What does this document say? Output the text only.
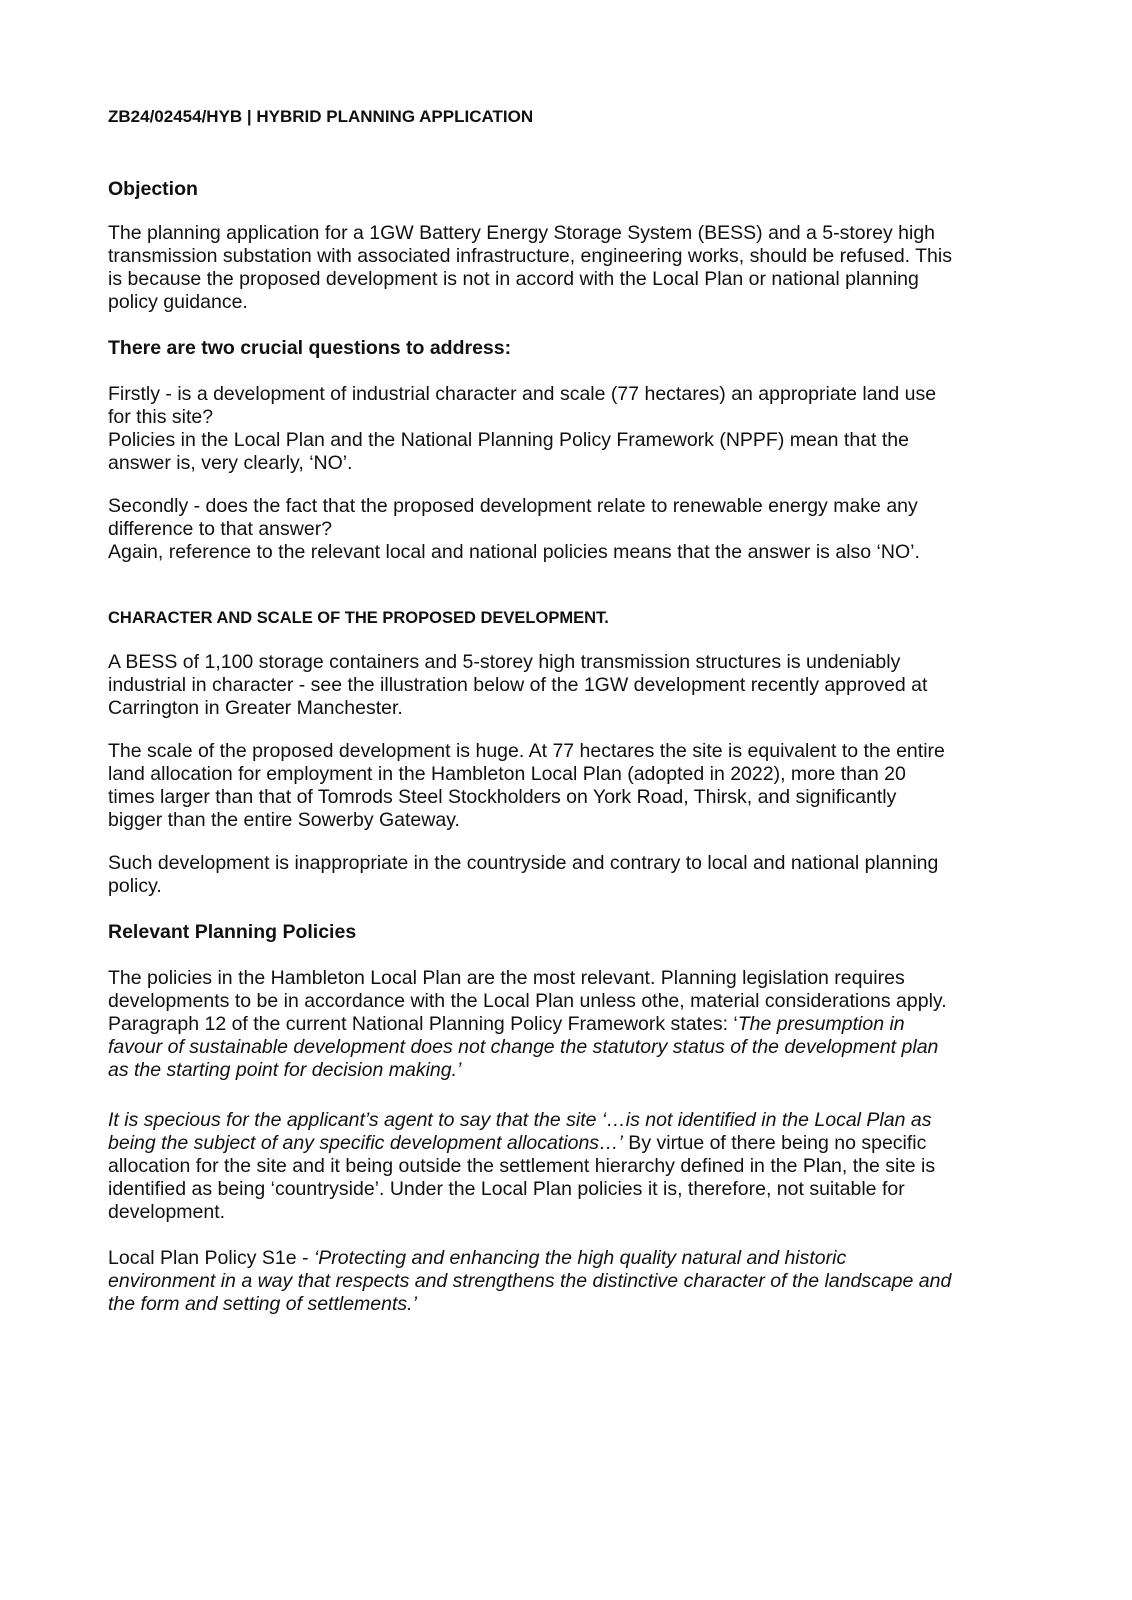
ZB24/02454/HYB | HYBRID PLANNING APPLICATION

Objection

The planning application for a 1GW Battery Energy Storage System (BESS) and a 5-storey high
transmission substation with associated infrastructure, engineering works, should be refused. This
is because the proposed development is not in accord with the Local Plan or national planning
policy guidance.

There are two crucial questions to address:

Firstly - is a development of industrial character and scale (77 hectares) an appropriate land use
for this site?
Policies in the Local Plan and the National Planning Policy Framework (NPPF) mean that the
answer is, very clearly, ‘NO’.

Secondly - does the fact that the proposed development relate to renewable energy make any
difference to that answer?
Again, reference to the relevant local and national policies means that the answer is also ‘NO’.

CHARACTER AND SCALE OF THE PROPOSED DEVELOPMENT.

A BESS of 1,100 storage containers and 5-storey high transmission structures is undeniably
industrial in character - see the illustration below of the 1GW development recently approved at
Carrington in Greater Manchester.

The scale of the proposed development is huge. At 77 hectares the site is equivalent to the entire
land allocation for employment in the Hambleton Local Plan (adopted in 2022), more than 20
times larger than that of Tomrods Steel Stockholders on York Road, Thirsk, and significantly
bigger than the entire Sowerby Gateway.

Such development is inappropriate in the countryside and contrary to local and national planning
policy.

Relevant Planning Policies

The policies in the Hambleton Local Plan are the most relevant. Planning legislation requires
developments to be in accordance with the Local Plan unless othe, material considerations apply.
Paragraph 12 of the current National Planning Policy Framework states: ‘The presumption in
favour of sustainable development does not change the statutory status of the development plan
as the starting point for decision making.’

It is specious for the applicant’s agent to say that the site ‘…is not identified in the Local Plan as
being the subject of any specific development allocations…’ By virtue of there being no specific
allocation for the site and it being outside the settlement hierarchy defined in the Plan, the site is
identified as being ‘countryside’. Under the Local Plan policies it is, therefore, not suitable for
development.

Local Plan Policy S1e - ‘Protecting and enhancing the high quality natural and historic
environment in a way that respects and strengthens the distinctive character of the landscape and
the form and setting of settlements.’
